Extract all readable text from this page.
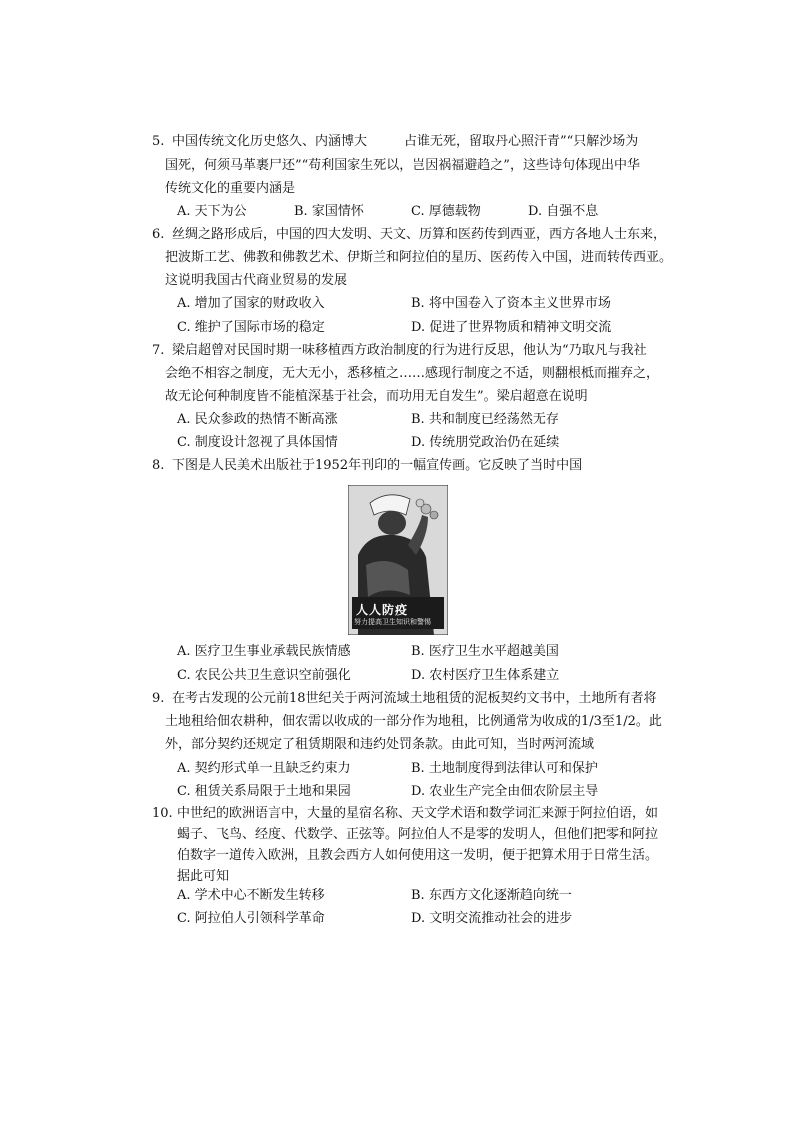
5. 中国传统文化历史悠久、内涵博大	占谁无死，留取丹心照汗青”“只解沙场为
国死，何须马革裹尸还”“苟利国家生死以，岂因祸福避趋之”，这些诗句体现出中华
传统文化的重要内涵是
A. 天下为公	B. 家国情怀	C. 厚德载物	D. 自强不息
6. 丝绸之路形成后，中国的四大发明、天文、历算和医药传到西亚，西方各地人士东来，
把波斯工艺、佛教和佛教艺术、伊斯兰和阿拉伯的星历、医药传入中国，进而转传西亚。
这说明我国古代商业贸易的发展
A. 增加了国家的财政收入	B. 将中国卷入了资本主义世界市场
C. 维护了国际市场的稳定	D. 促进了世界物质和精神文明交流
7. 梁启超曾对民国时期一味移植西方政治制度的行为进行反思，他认为“乃取凡与我社
会绝不相容之制度，无大无小，悉移植之……感现行制度之不适，则翻根柢而摧弃之，
故无论何种制度皆不能植深基于社会，而功用无自发生”。梁启超意在说明
A. 民众参政的热情不断高涨	B. 共和制度已经荡然无存
C. 制度设计忽视了具体国情	D. 传统朋党政治仍在延续
8. 下图是人民美术出版社于1952年刊印的一幅宣传画。它反映了当时中国
人人防疫
努力提高卫生知识和警惕
A. 医疗卫生事业承载民族情感	B. 医疗卫生水平超越美国
C. 农民公共卫生意识空前强化	D. 农村医疗卫生体系建立
9. 在考古发现的公元前18世纪关于两河流域土地租赁的泥板契约文书中，土地所有者将
土地租给佃农耕种，佃农需以收成的一部分作为地租，比例通常为收成的1/3至1/2。此
外，部分契约还规定了租赁期限和违约处罚条款。由此可知，当时两河流域
A. 契约形式单一且缺乏约束力	B. 土地制度得到法律认可和保护
C. 租赁关系局限于土地和果园	D. 农业生产完全由佃农阶层主导
10. 中世纪的欧洲语言中，大量的星宿名称、天文学术语和数学词汇来源于阿拉伯语，如
蝎子、飞鸟、经度、代数学、正弦等。阿拉伯人不是零的发明人，但他们把零和阿拉
伯数字一道传入欧洲，且教会西方人如何使用这一发明，便于把算术用于日常生活。
据此可知
A. 学术中心不断发生转移	B. 东西方文化逐渐趋向统一
C. 阿拉伯人引领科学革命	D. 文明交流推动社会的进步
